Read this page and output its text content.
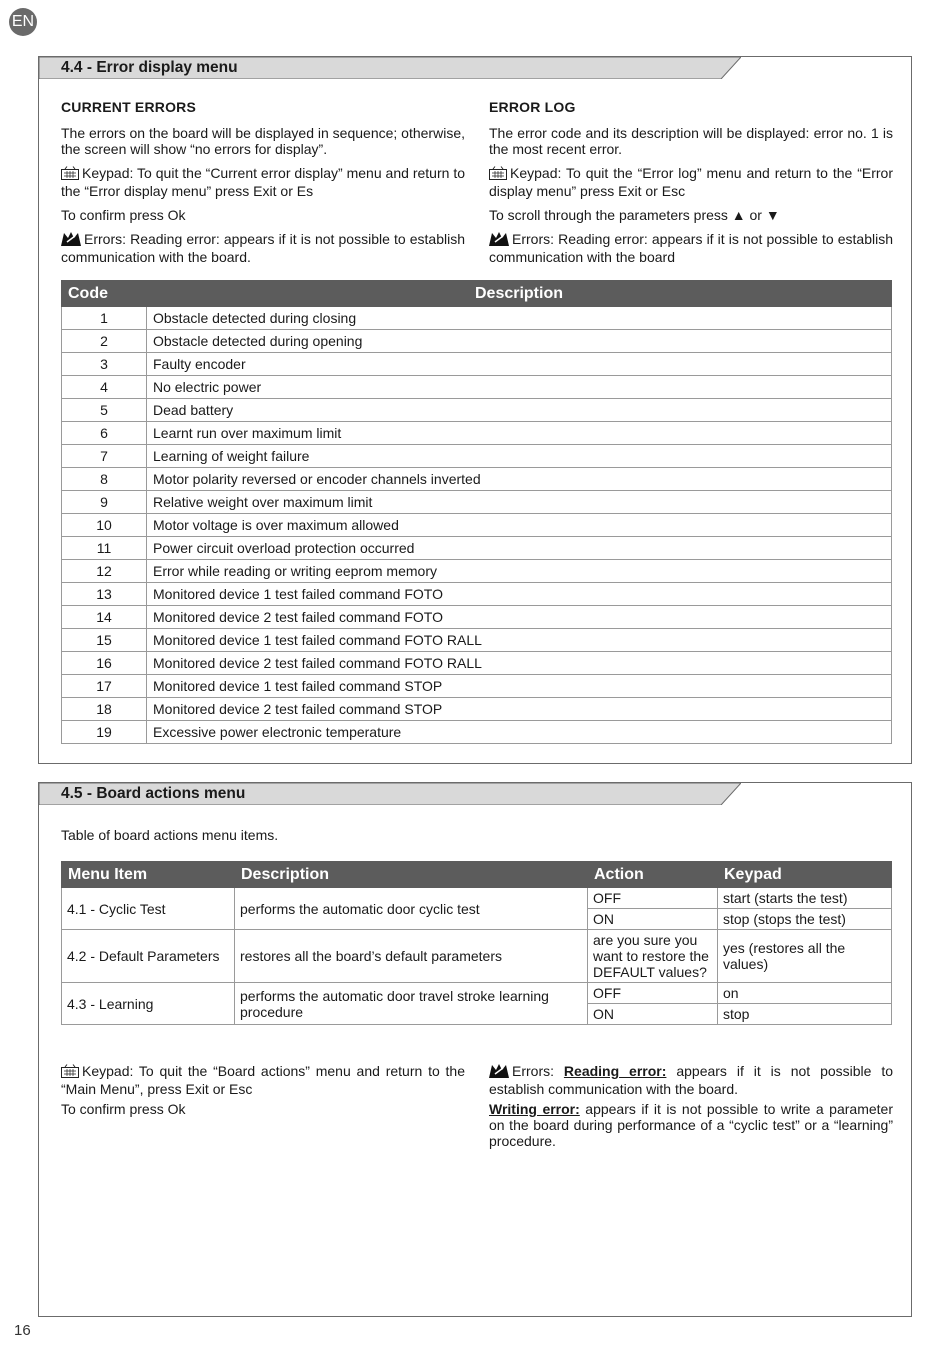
EN
4.4 - Error display menu

CURRENT ERRORS

The errors on the board will be displayed in sequence; otherwise, the screen will show “no errors for display”.

Keypad: To quit the “Current error display” menu and return to the “Error display menu” press Exit or Es

To confirm press Ok

Errors: Reading error: appears if it is not possible to establish communication with the board.

ERROR LOG

The error code and its description will be displayed: error no. 1 is the most recent error.

Keypad: To quit the “Error log” menu and return to the “Error display menu” press Exit or Esc

To scroll through the parameters press ▲ or ▼

Errors: Reading error: appears if it is not possible to establish communication with the board

Code	Description
1	Obstacle detected during closing
2	Obstacle detected during opening
3	Faulty encoder
4	No electric power
5	Dead battery
6	Learnt run over maximum limit
7	Learning of weight failure
8	Motor polarity reversed or encoder channels inverted
9	Relative weight over maximum limit
10	Motor voltage is over maximum allowed
11	Power circuit overload protection occurred
12	Error while reading or writing eeprom memory
13	Monitored device 1 test failed command FOTO
14	Monitored device 2 test failed command FOTO
15	Monitored device 1 test failed command FOTO RALL
16	Monitored device 2 test failed command FOTO RALL
17	Monitored device 1 test failed command STOP
18	Monitored device 2 test failed command STOP
19	Excessive power electronic temperature
4.5 - Board actions menu
Table of board actions menu items.
Menu Item	Description	Action	Keypad
4.1 - Cyclic Test	performs the automatic door cyclic test	OFF	start (starts the test)
		ON	stop (stops the test)
4.2 - Default Parameters	restores all the board’s default parameters	are you sure you want to restore the DEFAULT values?	yes (restores all the values)
4.3 - Learning	performs the automatic door travel stroke learning procedure	OFF	on
		ON	stop

Keypad: To quit the “Board actions” menu and return to the “Main Menu”, press Exit or Esc

To confirm press Ok

Errors: Reading error: appears if it is not possible to establish communication with the board.

Writing error: appears if it is not possible to write a parameter on the board during performance of a “cyclic test” or a “learning” procedure.

16
